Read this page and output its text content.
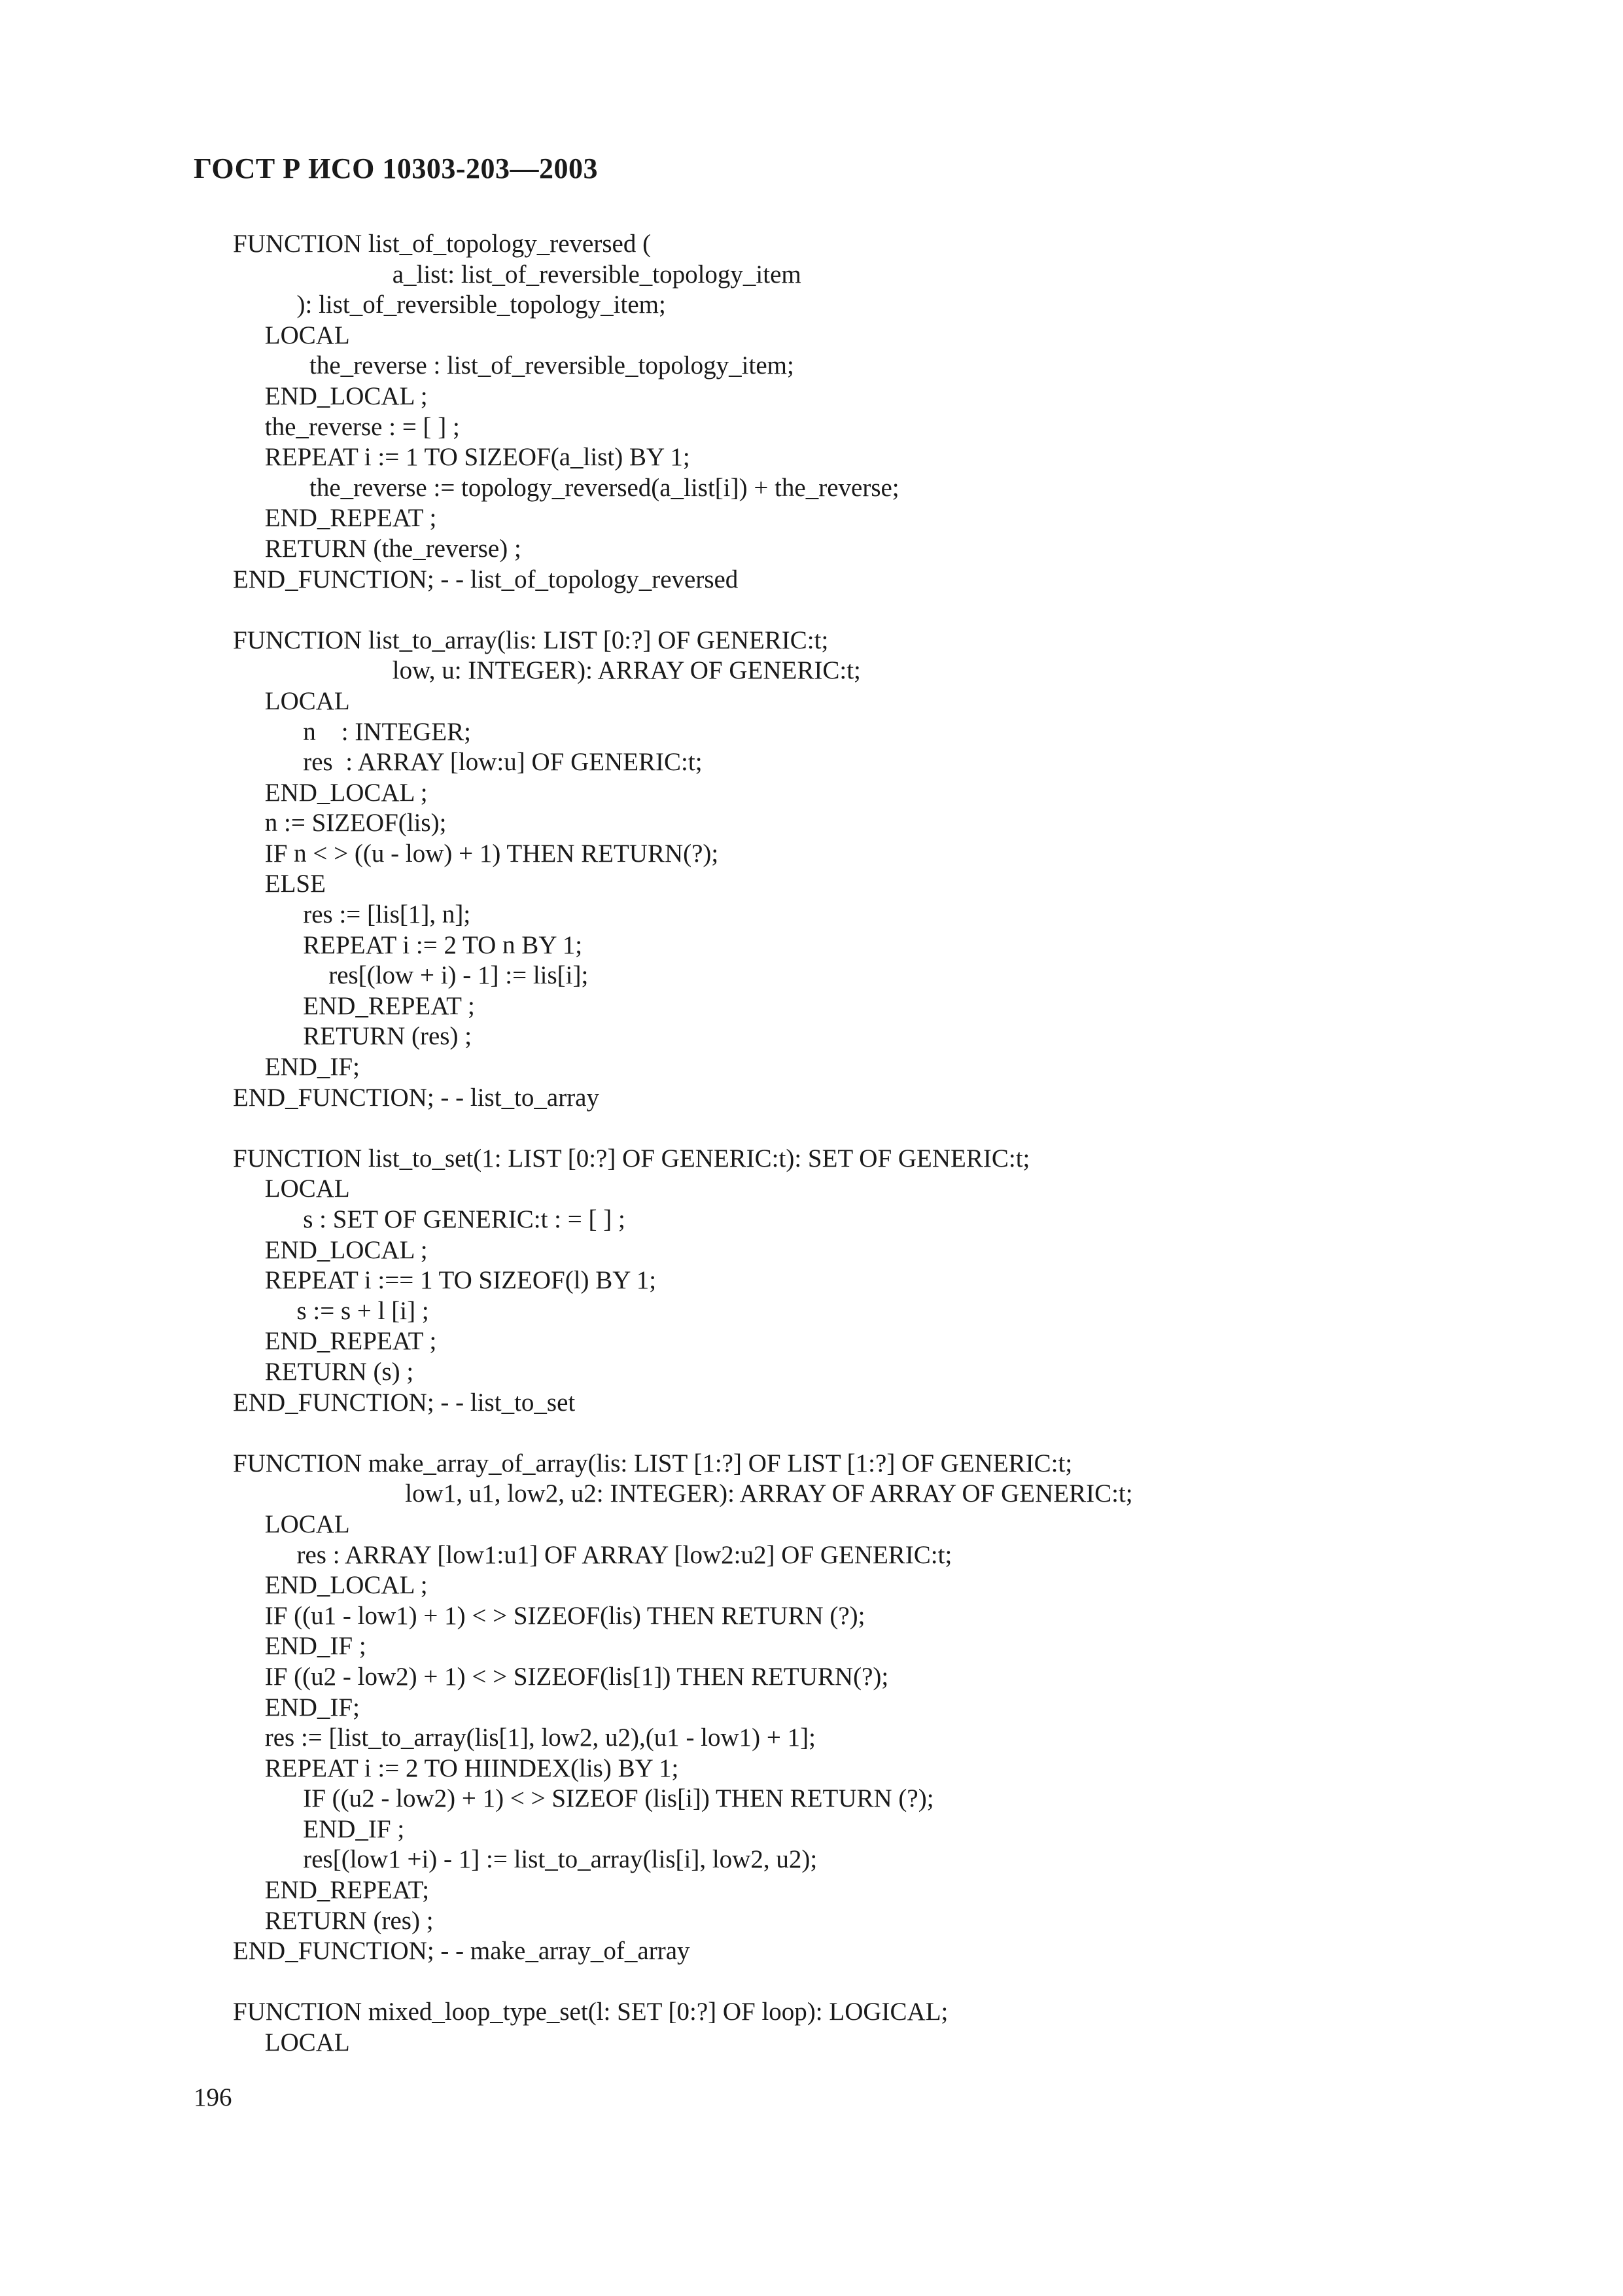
ГОСТ Р ИСО 10303-203—2003
FUNCTION list_of_topology_reversed (
a_list: list_of_reversible_topology_item
): list_of_reversible_topology_item;
LOCAL
the_reverse : list_of_reversible_topology_item;
END_LOCAL ;
the_reverse : = [ ] ;
REPEAT i := 1 TO SIZEOF(a_list) BY 1;
the_reverse := topology_reversed(a_list[i]) + the_reverse;
END_REPEAT ;
RETURN (the_reverse) ;
END_FUNCTION; - - list_of_topology_reversed
FUNCTION list_to_array(lis: LIST [0:?] OF GENERIC:t;
low, u: INTEGER): ARRAY OF GENERIC:t;
LOCAL
n    : INTEGER;
res  : ARRAY [low:u] OF GENERIC:t;
END_LOCAL ;
n := SIZEOF(lis);
IF n < > ((u - low) + 1) THEN RETURN(?);
ELSE
res := [lis[1], n];
REPEAT i := 2 TO n BY 1;
res[(low + i) - 1] := lis[i];
END_REPEAT ;
RETURN (res) ;
END_IF;
END_FUNCTION; - - list_to_array
FUNCTION list_to_set(1: LIST [0:?] OF GENERIC:t): SET OF GENERIC:t;
LOCAL
s : SET OF GENERIC:t : = [ ] ;
END_LOCAL ;
REPEAT i :== 1 TO SIZEOF(l) BY 1;
s := s + l [i] ;
END_REPEAT ;
RETURN (s) ;
END_FUNCTION; - - list_to_set
FUNCTION make_array_of_array(lis: LIST [1:?] OF LIST [1:?] OF GENERIC:t;
low1, u1, low2, u2: INTEGER): ARRAY OF ARRAY OF GENERIC:t;
LOCAL
res : ARRAY [low1:u1] OF ARRAY [low2:u2] OF GENERIC:t;
END_LOCAL ;
IF ((u1 - low1) + 1) < > SIZEOF(lis) THEN RETURN (?);
END_IF ;
IF ((u2 - low2) + 1) < > SIZEOF(lis[1]) THEN RETURN(?);
END_IF;
res := [list_to_array(lis[1], low2, u2),(u1 - low1) + 1];
REPEAT i := 2 TO HIINDEX(lis) BY 1;
IF ((u2 - low2) + 1) < > SIZEOF (lis[i]) THEN RETURN (?);
END_IF ;
res[(low1 +i) - 1] := list_to_array(lis[i], low2, u2);
END_REPEAT;
RETURN (res) ;
END_FUNCTION; - - make_array_of_array
FUNCTION mixed_loop_type_set(l: SET [0:?] OF loop): LOGICAL;
LOCAL
196
